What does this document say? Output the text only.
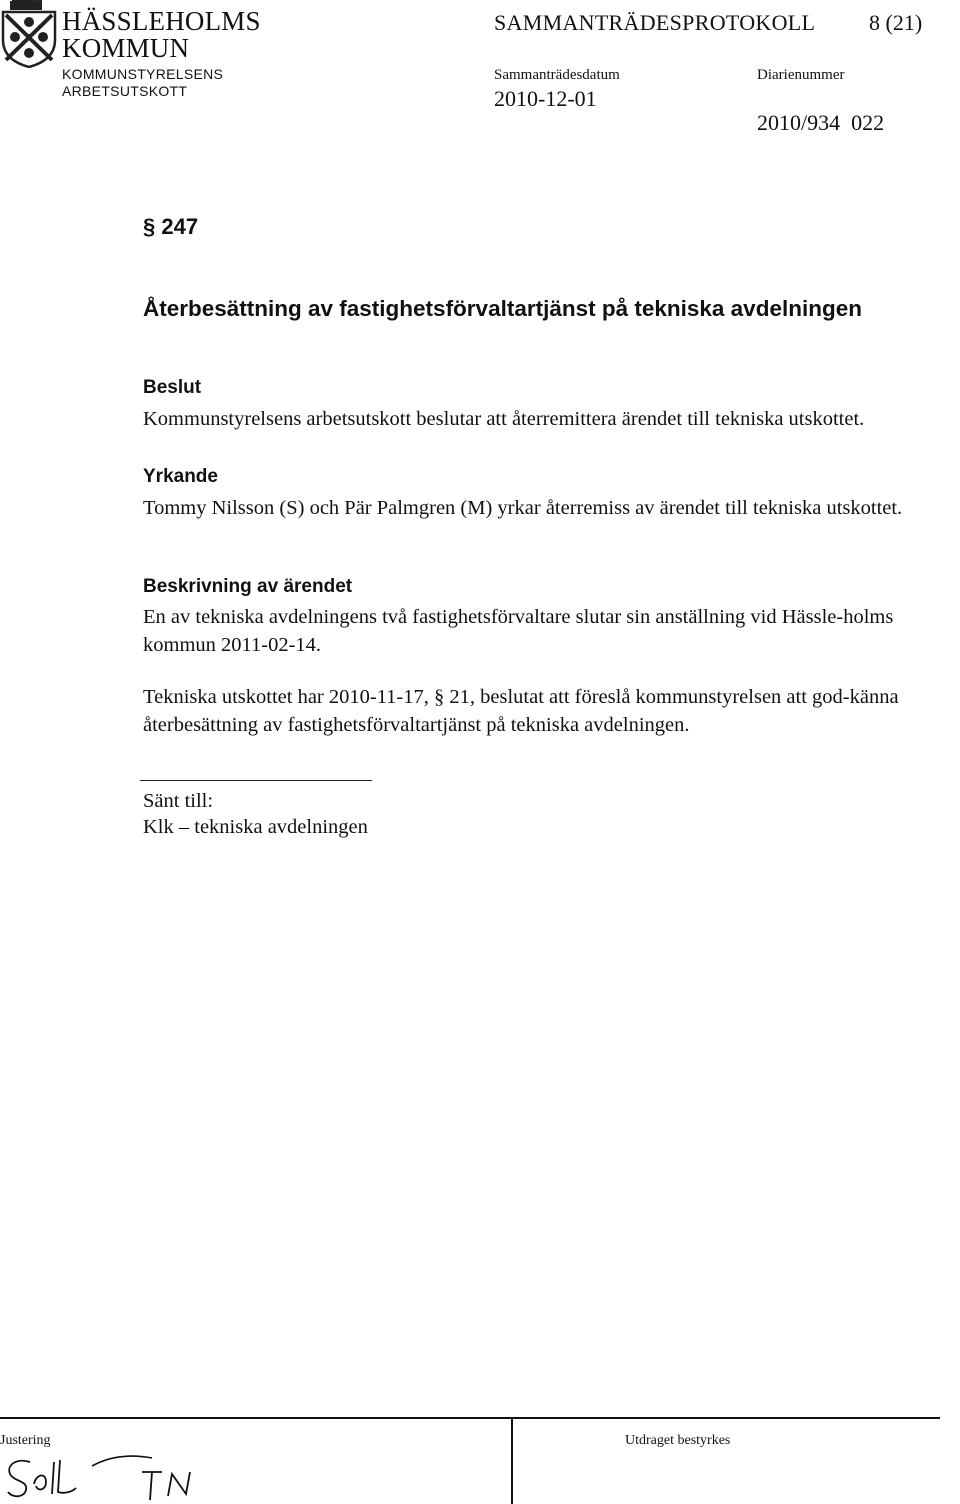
HÄSSLEHOLMS
KOMMUN
KOMMUNSTYRELSENS
ARBETSUTSKOTT
SAMMANTRÄDESPROTOKOLL 8 (21)
Sammanträdesdatum	Diarienummer
2010-12-01
2010/934  022
§ 247
Återbesättning av fastighetsförvaltartjänst på tekniska avdelningen
Beslut
Kommunstyrelsens arbetsutskott beslutar att återremittera ärendet till tekniska utskottet.
Yrkande
Tommy Nilsson (S) och Pär Palmgren (M) yrkar återremiss av ärendet till tekniska utskottet.
Beskrivning av ärendet
En av tekniska avdelningens två fastighetsförvaltare slutar sin anställning vid Hässle-holms kommun 2011-02-14.
Tekniska utskottet har 2010-11-17, § 21, beslutat att föreslå kommunstyrelsen att god-känna återbesättning av fastighetsförvaltartjänst på tekniska avdelningen.
Sänt till:
Klk – tekniska avdelningen
Justering	Utdraget bestyrkes
